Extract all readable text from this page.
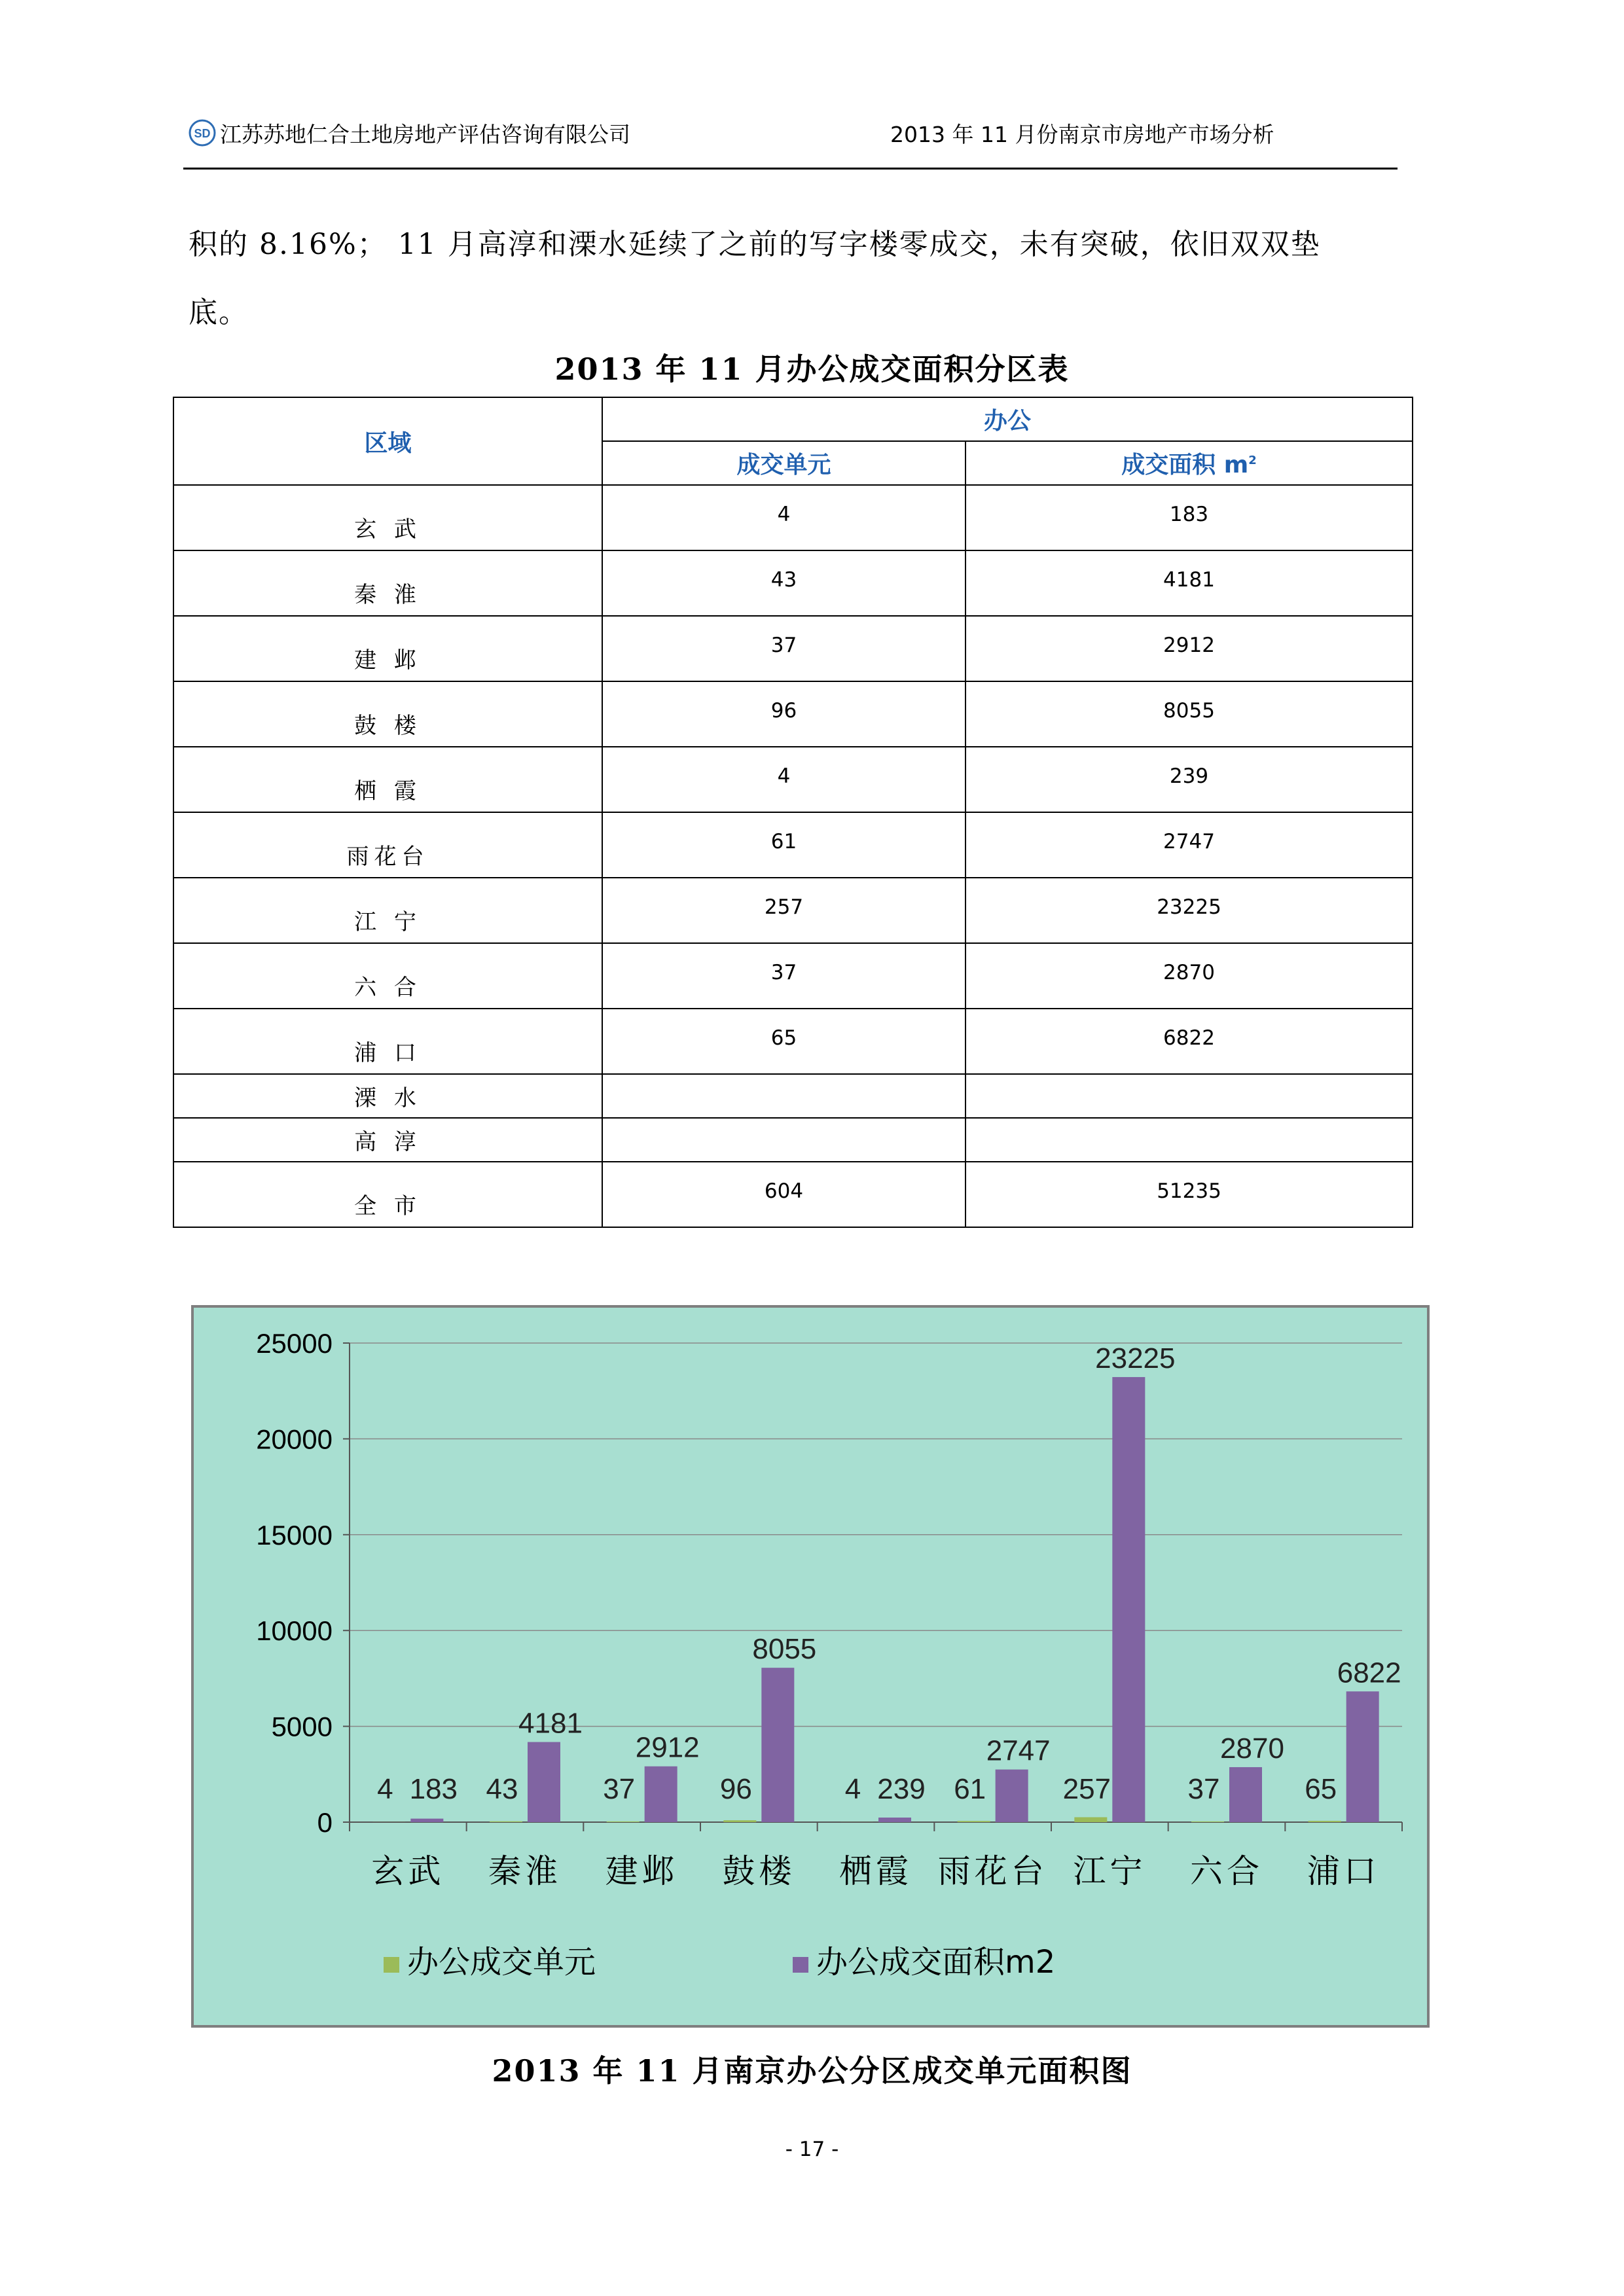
SD 江苏苏地仁合土地房地产评估咨询有限公司	2013 年 11 月份南京市房地产市场分析
积的 8.16%； 11 月高淳和溧水延续了之前的写字楼零成交，未有突破，依旧双双垫
底。
2013 年 11 月办公成交面积分区表
区域	办公	
	成交单元	成交面积 $m^2$
玄 武	4	183
秦 淮	43	4181
建 邺	37	2912
鼓 楼	96	8055
栖 霞	4	239
雨花台	61	2747
江 宁	257	23225
六 合	37	2870
浦 口	65	6822
溧 水		
高 淳		
全 市	604	51235
0
5000
10000
15000
20000
25000
玄武
4 183
秦淮
43
4181
建邺
37
2912
鼓楼
96
8055
栖霞
4 239
雨花台
61
2747
江宁
257
23225
六合
37
2870
浦口
65
6822
办公成交单元	办公成交面积m2
2013 年 11 月南京办公分区成交单元面积图
- 17 -
